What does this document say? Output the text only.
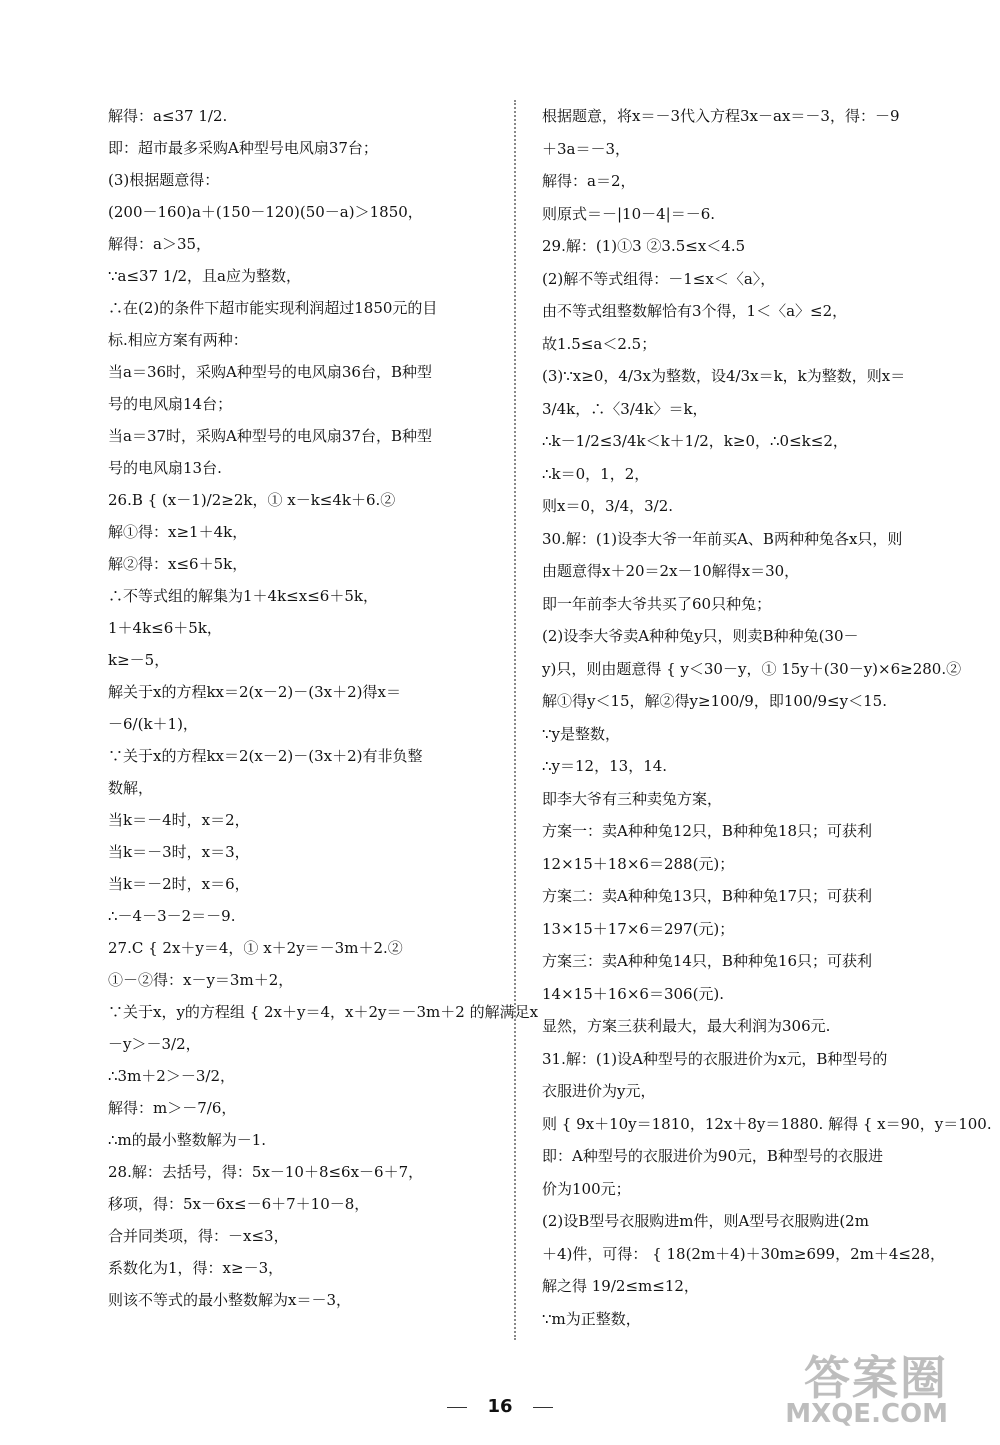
解得：a≤37 1/2.

即：超市最多采购A种型号电风扇37台；

(3)根据题意得：

(200－160)a＋(150－120)(50－a)＞1850，

解得：a＞35，

∵a≤37 1/2，且a应为整数，

∴在(2)的条件下超市能实现利润超过1850元的目

标.相应方案有两种：

当a＝36时，采购A种型号的电风扇36台，B种型

号的电风扇14台；

当a＝37时，采购A种型号的电风扇37台，B种型

号的电风扇13台.

26.B { (x－1)/2≥2k，① x－k≤4k＋6.②

解①得：x≥1＋4k，

解②得：x≤6＋5k，

∴不等式组的解集为1＋4k≤x≤6＋5k，

1＋4k≤6＋5k，

k≥－5，

解关于x的方程kx＝2(x－2)－(3x＋2)得x＝

－6/(k＋1)，

∵关于x的方程kx＝2(x－2)－(3x＋2)有非负整

数解，

当k＝－4时，x＝2，

当k＝－3时，x＝3，

当k＝－2时，x＝6，

∴－4－3－2＝－9.

27.C { 2x＋y＝4，① x＋2y＝－3m＋2.②

①－②得：x－y＝3m＋2，

∵关于x，y的方程组 { 2x＋y＝4，x＋2y＝－3m＋2 的解满足x

－y＞－3/2，

∴3m＋2＞－3/2，

解得：m＞－7/6，

∴m的最小整数解为－1.

28.解：去括号，得：5x－10＋8≤6x－6＋7，

移项，得：5x－6x≤－6＋7＋10－8，

合并同类项，得：－x≤3，

系数化为1，得：x≥－3，

则该不等式的最小整数解为x＝－3，

根据题意，将x＝－3代入方程3x－ax＝－3，得：－9

＋3a＝－3，

解得：a＝2，

则原式＝－|10－4|＝－6.

29.解：(1)①3 ②3.5≤x＜4.5

(2)解不等式组得：－1≤x＜〈a〉，

由不等式组整数解恰有3个得，1＜〈a〉≤2，

故1.5≤a＜2.5；

(3)∵x≥0，4/3x为整数，设4/3x＝k，k为整数，则x＝

3/4k，∴〈3/4k〉＝k，

∴k－1/2≤3/4k＜k＋1/2，k≥0，∴0≤k≤2，

∴k＝0，1，2，

则x＝0，3/4，3/2.

30.解：(1)设李大爷一年前买A、B两种种兔各x只，则

由题意得x＋20＝2x－10解得x＝30，

即一年前李大爷共买了60只种兔；

(2)设李大爷卖A种种兔y只，则卖B种种兔(30－

y)只，则由题意得 { y＜30－y，① 15y＋(30－y)×6≥280.②

解①得y＜15，解②得y≥100/9，即100/9≤y＜15.

∵y是整数，

∴y＝12，13，14.

即李大爷有三种卖兔方案，

方案一：卖A种种兔12只，B种种兔18只；可获利

12×15＋18×6＝288(元)；

方案二：卖A种种兔13只，B种种兔17只；可获利

13×15＋17×6＝297(元)；

方案三：卖A种种兔14只，B种种兔16只；可获利

14×15＋16×6＝306(元).

显然，方案三获利最大，最大利润为306元.

31.解：(1)设A种型号的衣服进价为x元，B种型号的

衣服进价为y元，

则 { 9x＋10y＝1810，12x＋8y＝1880. 解得 { x＝90，y＝100.

即：A种型号的衣服进价为90元，B种型号的衣服进

价为100元；

(2)设B型号衣服购进m件，则A型号衣服购进(2m

＋4)件，可得： { 18(2m＋4)＋30m≥699，2m＋4≤28，

解之得 19/2≤m≤12，

∵m为正整数，

16
答案圈
MXQE.COM
